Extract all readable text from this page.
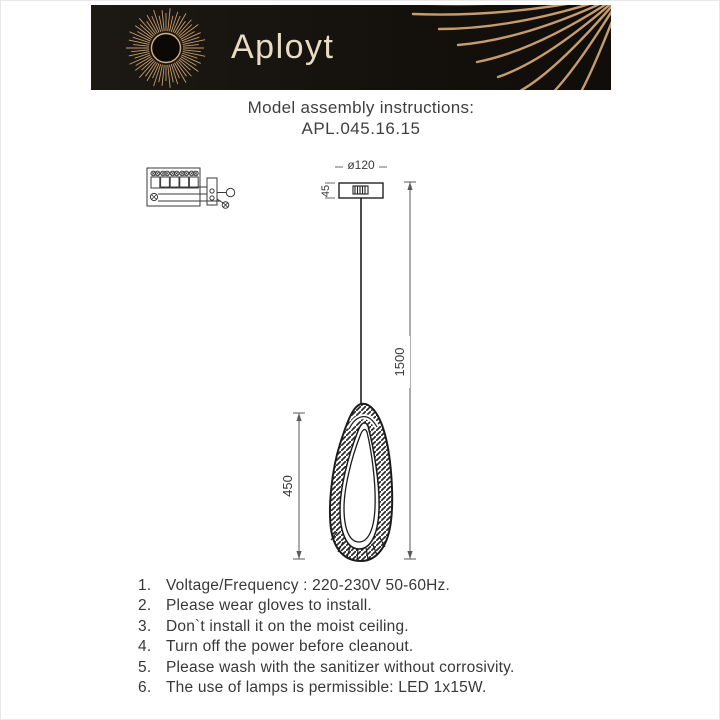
Aployt
Model assembly instructions:
APL.045.16.15
ø120
45
450
1500
1. Voltage/Frequency : 220-230V 50-60Hz.
2. Please wear gloves to install.
3. Don`t install it on the moist ceiling.
4. Turn off the power before cleanout.
5. Please wash with the sanitizer without corrosivity.
6. The use of lamps is permissible: LED 1x15W.
